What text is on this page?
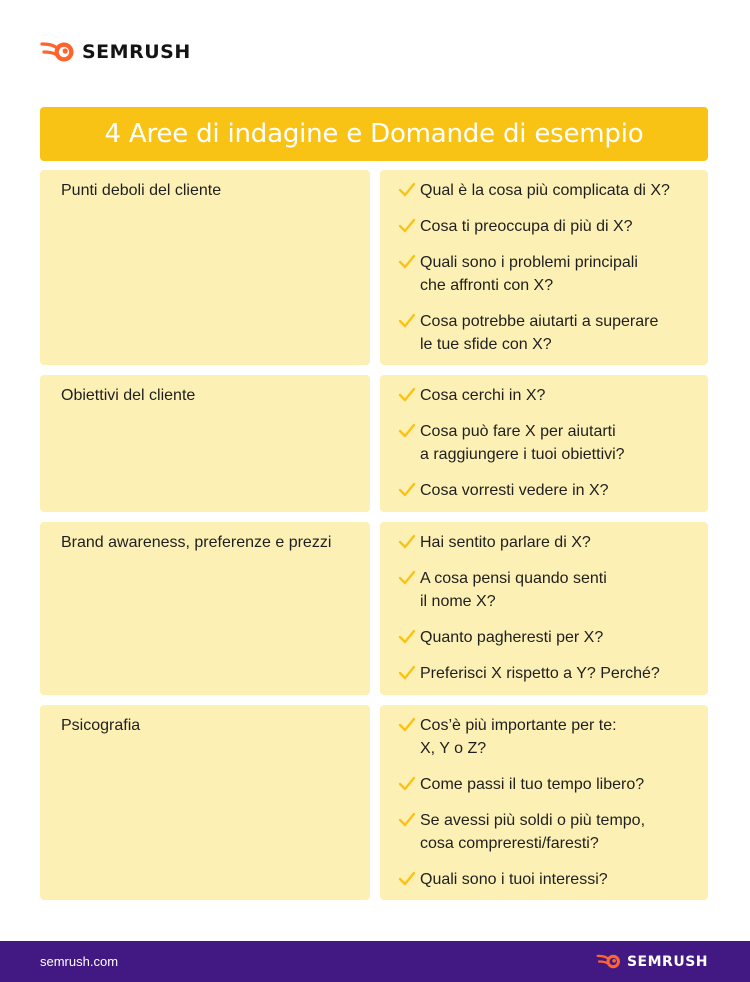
SEMRUSH
4 Aree di indagine e Domande di esempio
Punti deboli del cliente	Qual è la cosa più complicata di X?
Cosa ti preoccupa di più di X?
Quali sono i problemi principali
che affronti con X?
Cosa potrebbe aiutarti a superare
le tue sfide con X?
Obiettivi del cliente	Cosa cerchi in X?
Cosa può fare X per aiutarti
a raggiungere i tuoi obiettivi?
Cosa vorresti vedere in X?
Brand awareness, preferenze e prezzi	Hai sentito parlare di X?
A cosa pensi quando senti
il nome X?
Quanto pagheresti per X?
Preferisci X rispetto a Y? Perché?
Psicografia	Cos’è più importante per te:
X, Y o Z?
Come passi il tuo tempo libero?
Se avessi più soldi o più tempo,
cosa compreresti/faresti?
Quali sono i tuoi interessi?
semrush.com	SEMRUSH
